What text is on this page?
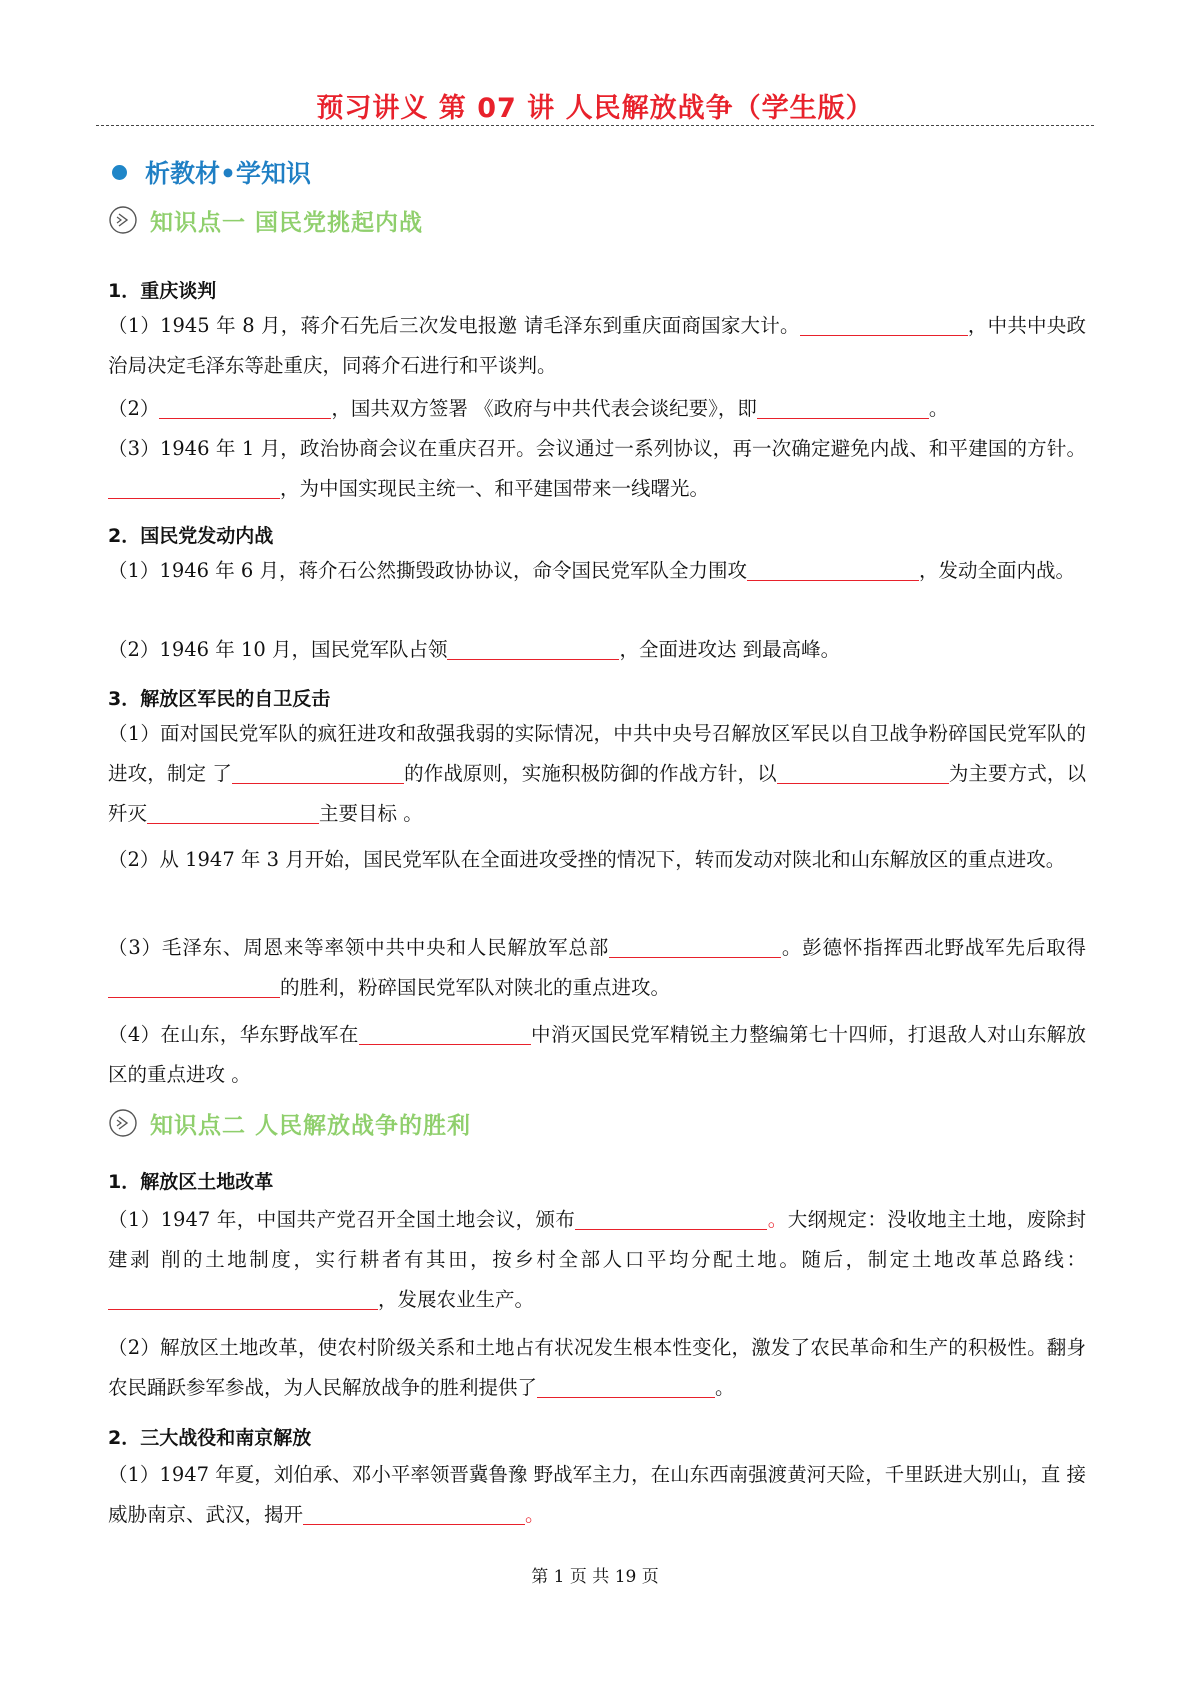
预习讲义 第 07 讲 人民解放战争（学生版）
析教材•学知识
知识点一 国民党挑起内战
1．重庆谈判
（1）1945 年 8 月，蒋介石先后三次发电报邀 请毛泽东到重庆面商国家大计。	，中共中央政治局决定毛泽东等赴重庆，同蒋介石进行和平谈判。
（2）	，国共双方签署 《政府与中共代表会谈纪要》，即	。
（3）1946 年 1 月，政治协商会议在重庆召开。会议通过一系列协议，再一次确定避免内战、和平建国的方针。，为中国实现民主统一、和平建国带来一线曙光。
2．国民党发动内战
（1）1946 年 6 月，蒋介石公然撕毁政协协议，命令国民党军队全力围攻	，发动全面内战。
（2）1946 年 10 月，国民党军队占领	，全面进攻达 到最高峰。
3．解放区军民的自卫反击
（1）面对国民党军队的疯狂进攻和敌强我弱的实际情况，中共中央号召解放区军民以自卫战争粉碎国民党军队的进攻，制定 了	的作战原则，实施积极防御的作战方针，以	为主要方式，以歼灭	主要目标 。
（2）从 1947 年 3 月开始，国民党军队在全面进攻受挫的情况下，转而发动对陕北和山东解放区的重点进攻。
（3）毛泽东、周恩来等率领中共中央和人民解放军总部	。彭德怀指挥西北野战军先后取得的胜利，粉碎国民党军队对陕北的重点进攻。
（4）在山东，华东野战军在	中消灭国民党军精锐主力整编第七十四师，打退敌人对山东解放区的重点进攻 。
知识点二 人民解放战争的胜利
1．解放区土地改革
（1）1947 年，中国共产党召开全国土地会议，颁布	。大纲规定：没收地主土地，废除封建剥 削的土地制度，实行耕者有其田，按乡村全部人口平均分配土地。随后，制定土地改革总路线：，发展农业生产。
（2）解放区土地改革，使农村阶级关系和土地占有状况发生根本性变化，激发了农民革命和生产的积极性。翻身农民踊跃参军参战，为人民解放战争的胜利提供了	。
2．三大战役和南京解放
（1）1947 年夏，刘伯承、邓小平率领晋冀鲁豫 野战军主力，在山东西南强渡黄河天险，千里跃进大别山，直 接威胁南京、武汉，揭开	。
第 1 页 共 19 页
